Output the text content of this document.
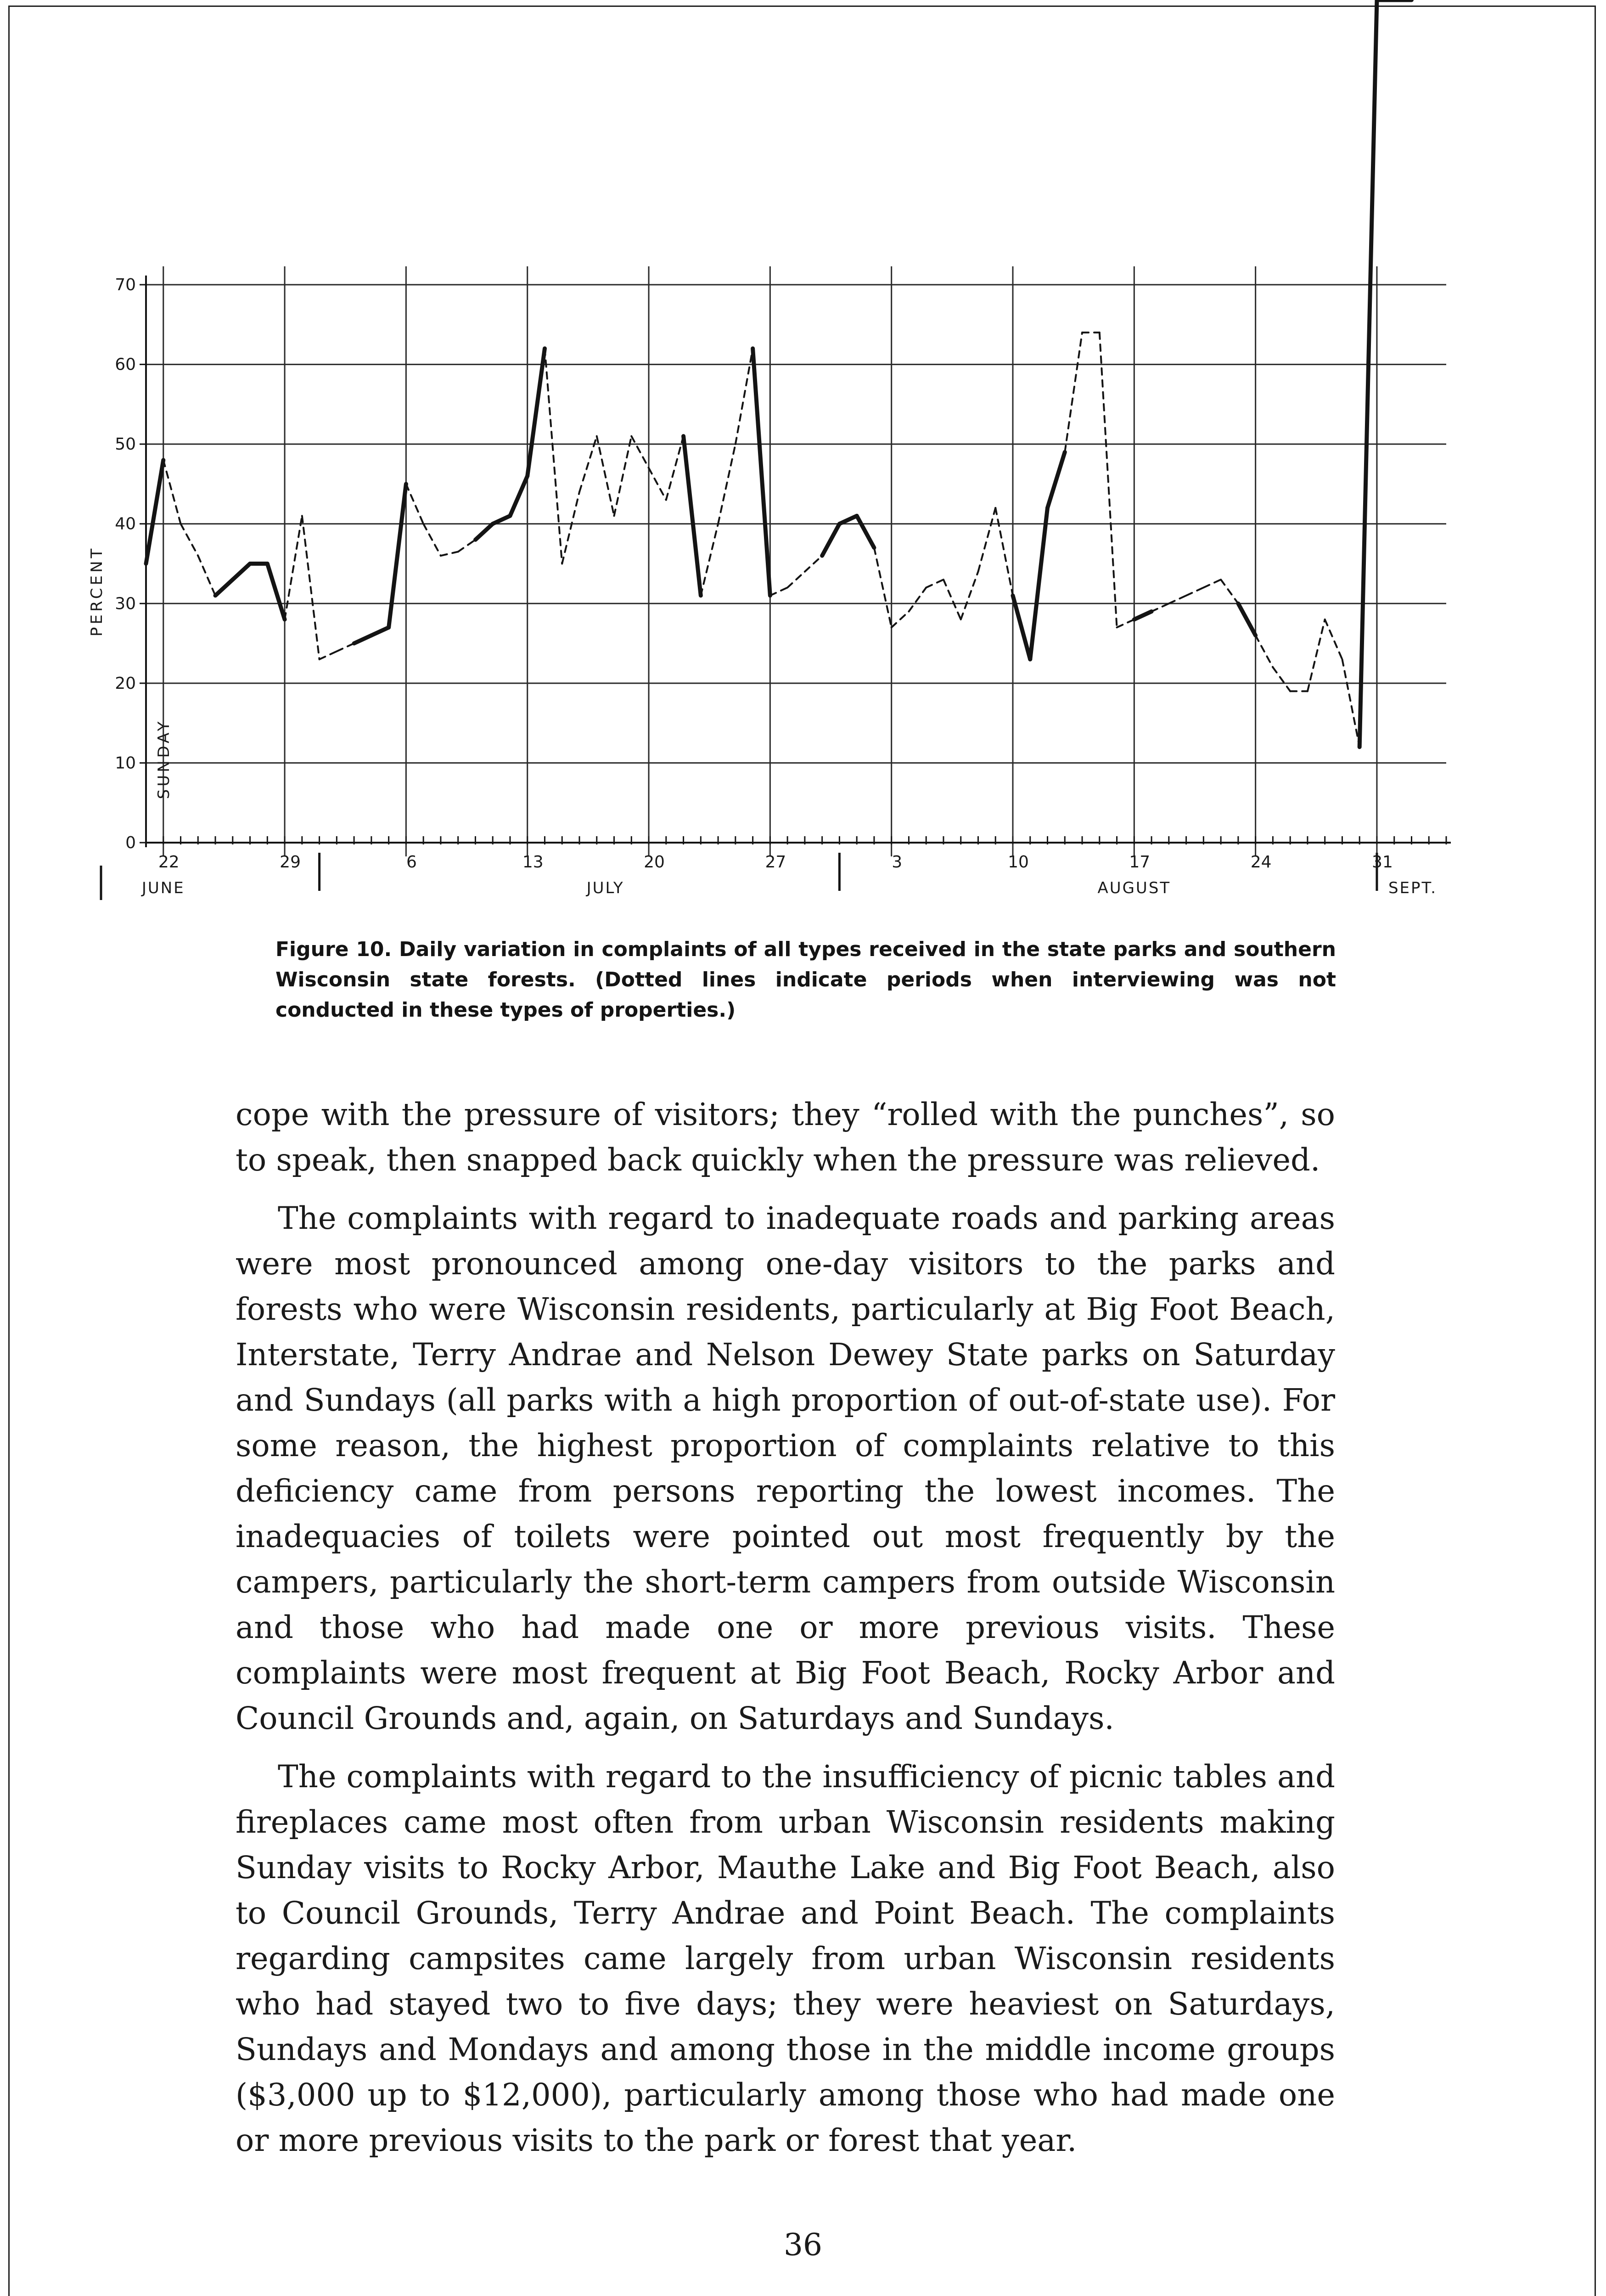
0
10
20
30
40
50
60
70
22	29	6	13	20	27	3	10	17	24	31
JUNE	JULY	AUGUST	SEPT.
PERCENT
SUNDAY

Figure 10. Daily variation in complaints of all types received in the state parks and southern Wisconsin state forests. (Dotted lines indicate periods when interviewing was not conducted in these types of properties.)

cope with the pressure of visitors; they “rolled with the punches”, so to speak, then snapped back quickly when the pressure was relieved.

The complaints with regard to inadequate roads and parking areas were most pronounced among one-day visitors to the parks and forests who were Wisconsin residents, particularly at Big Foot Beach, Interstate, Terry Andrae and Nelson Dewey State parks on Saturday and Sundays (all parks with a high proportion of out-of-state use). For some reason, the highest proportion of complaints relative to this deficiency came from persons reporting the lowest incomes. The inadequacies of toilets were pointed out most frequently by the campers, particularly the short-term campers from outside Wisconsin and those who had made one or more previous visits. These complaints were most frequent at Big Foot Beach, Rocky Arbor and Council Grounds and, again, on Saturdays and Sundays.

The complaints with regard to the insufficiency of picnic tables and fireplaces came most often from urban Wisconsin residents making Sunday visits to Rocky Arbor, Mauthe Lake and Big Foot Beach, also to Council Grounds, Terry Andrae and Point Beach. The complaints regarding campsites came largely from urban Wisconsin residents who had stayed two to five days; they were heaviest on Saturdays, Sundays and Mondays and among those in the middle income groups ($3,000 up to $12,000), particularly among those who had made one or more previous visits to the park or forest that year.

36
